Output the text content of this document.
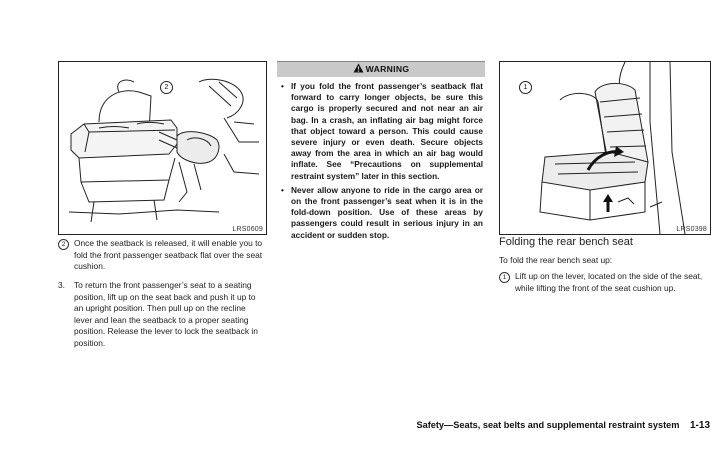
2
LRS0609
2	Once the seatback is released, it will enable you to fold the front passenger seatback flat over the seat cushion.
3. To return the front passenger’s seat to a seating position, lift up on the seat back and push it up to an upright position. Then pull up on the recline lever and lean the seatback to a proper seating position. Release the lever to lock the seatback in position.
WARNING
• If you fold the front passenger’s seatback flat forward to carry longer objects, be sure this cargo is properly secured and not near an air bag. In a crash, an inflating air bag might force that object toward a person. This could cause severe injury or even death. Secure objects away from the area in which an air bag would inflate. See “Precautions on supplemental restraint system” later in this section.
• Never allow anyone to ride in the cargo area or on the front passenger’s seat when it is in the fold-down position. Use of these areas by passengers could result in serious injury in an accident or sudden stop.
1
LRS0398
Folding the rear bench seat
To fold the rear bench seat up:
1	Lift up on the lever, located on the side of the seat, while lifting the front of the seat cushion up.
Safety—Seats, seat belts and supplemental restraint system 1-13
